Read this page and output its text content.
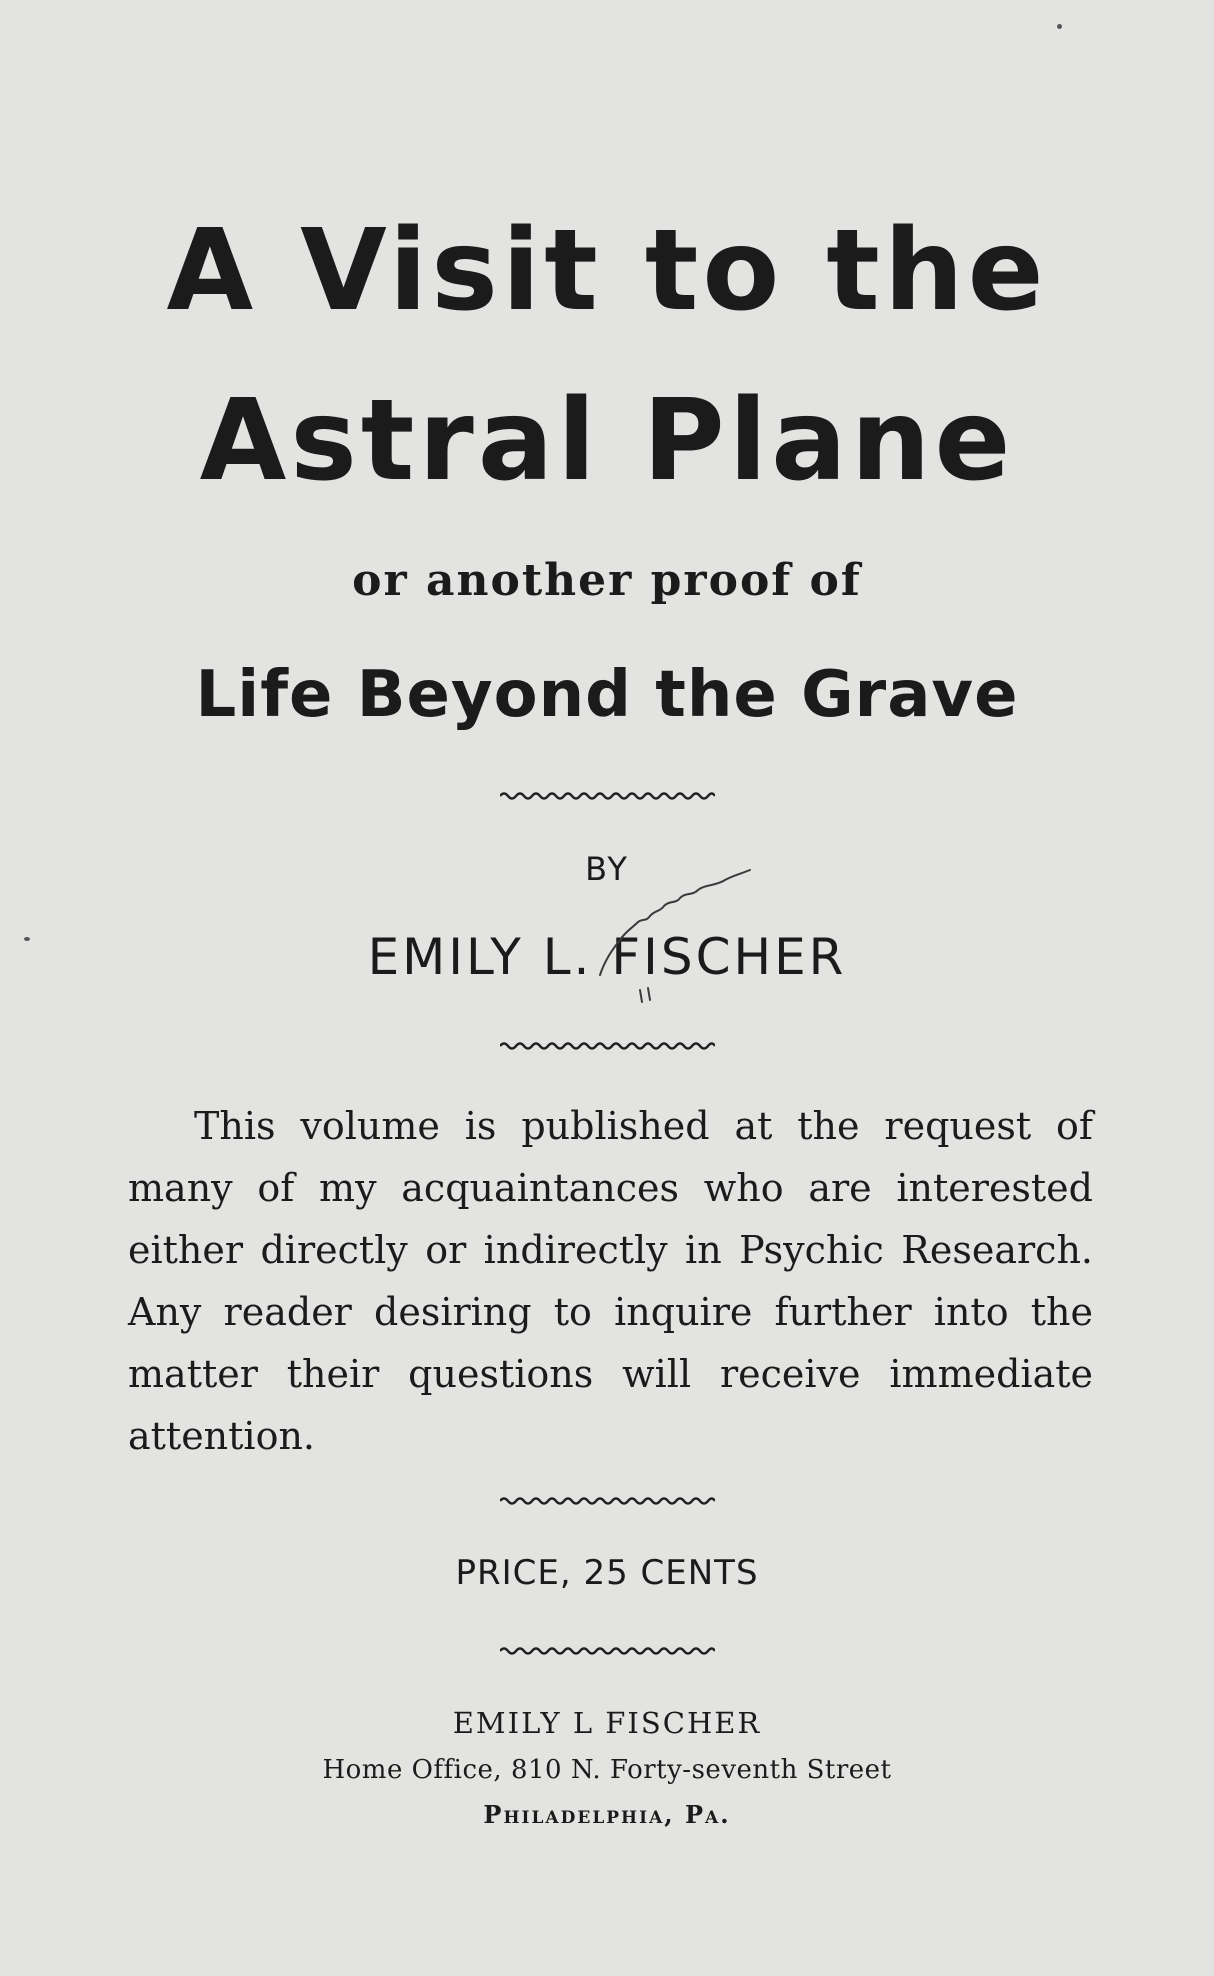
A Visit to the
Astral Plane
or another proof of
Life Beyond the Grave
BY
EMILY L. FISCHER
This volume is published at the request of many of my acquaintances who are interested either directly or indirectly in Psychic Research. Any reader desiring to inquire further into the matter their questions will receive immediate attention.
PRICE, 25 CENTS
EMILY L FISCHER
Home Office, 810 N. Forty-seventh Street
Philadelphia, Pa.
